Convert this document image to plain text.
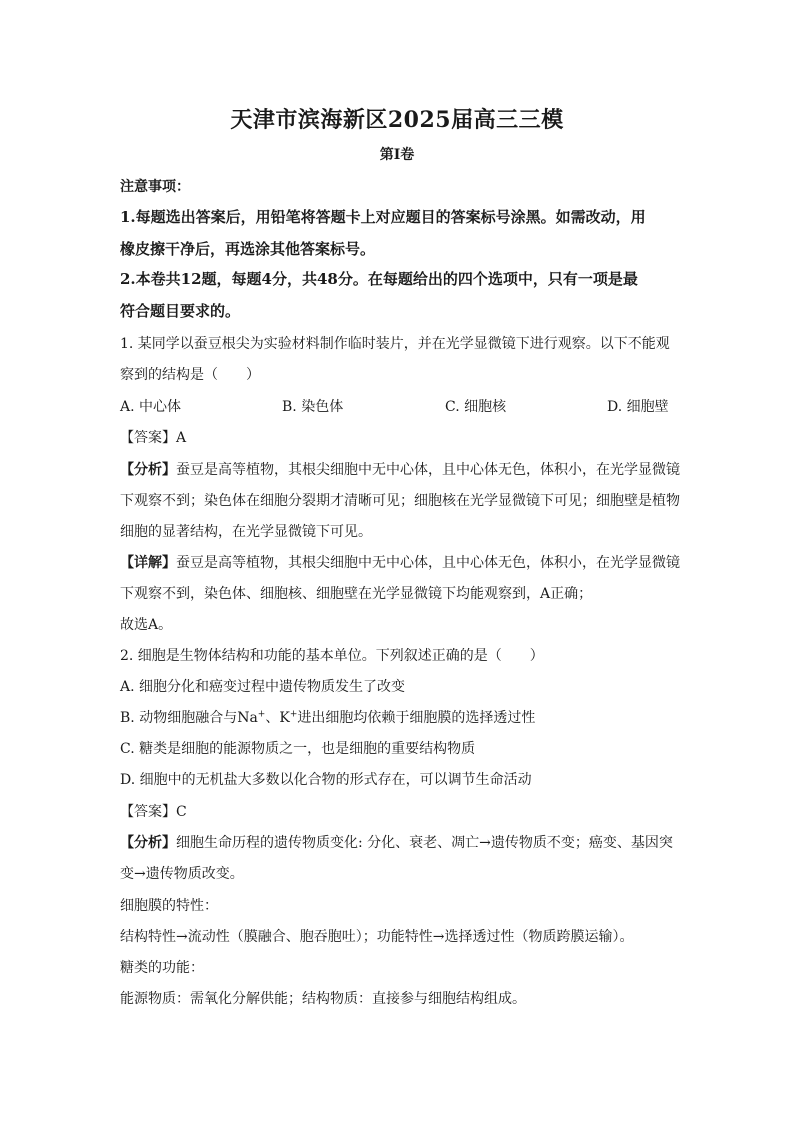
天津市滨海新区2025届高三三模
第I卷
注意事项：
1.每题选出答案后，用铅笔将答题卡上对应题目的答案标号涂黑。如需改动，用
橡皮擦干净后，再选涂其他答案标号。
2.本卷共12题，每题4分，共48分。在每题给出的四个选项中，只有一项是最
符合题目要求的。
1. 某同学以蚕豆根尖为实验材料制作临时装片，并在光学显微镜下进行观察。以下不能观
察到的结构是（　　）
A. 中心体	B. 染色体	C. 细胞核	D. 细胞壁
【答案】A
【分析】蚕豆是高等植物，其根尖细胞中无中心体，且中心体无色，体积小，在光学显微镜
下观察不到；染色体在细胞分裂期才清晰可见；细胞核在光学显微镜下可见；细胞壁是植物
细胞的显著结构，在光学显微镜下可见。
【详解】蚕豆是高等植物，其根尖细胞中无中心体，且中心体无色，体积小，在光学显微镜
下观察不到，染色体、细胞核、细胞壁在光学显微镜下均能观察到，A正确；
故选A。
2. 细胞是生物体结构和功能的基本单位。下列叙述正确的是（　　）
A. 细胞分化和癌变过程中遗传物质发生了改变
B. 动物细胞融合与Na+、K+进出细胞均依赖于细胞膜的选择透过性
C. 糖类是细胞的能源物质之一，也是细胞的重要结构物质
D. 细胞中的无机盐大多数以化合物的形式存在，可以调节生命活动
【答案】C
【分析】细胞生命历程的遗传物质变化: 分化、衰老、凋亡→遗传物质不变；癌变、基因突
变→遗传物质改变。
细胞膜的特性：
结构特性→流动性（膜融合、胞吞胞吐）；功能特性→选择透过性（物质跨膜运输）。
糖类的功能：
能源物质：需氧化分解供能；结构物质：直接参与细胞结构组成。
